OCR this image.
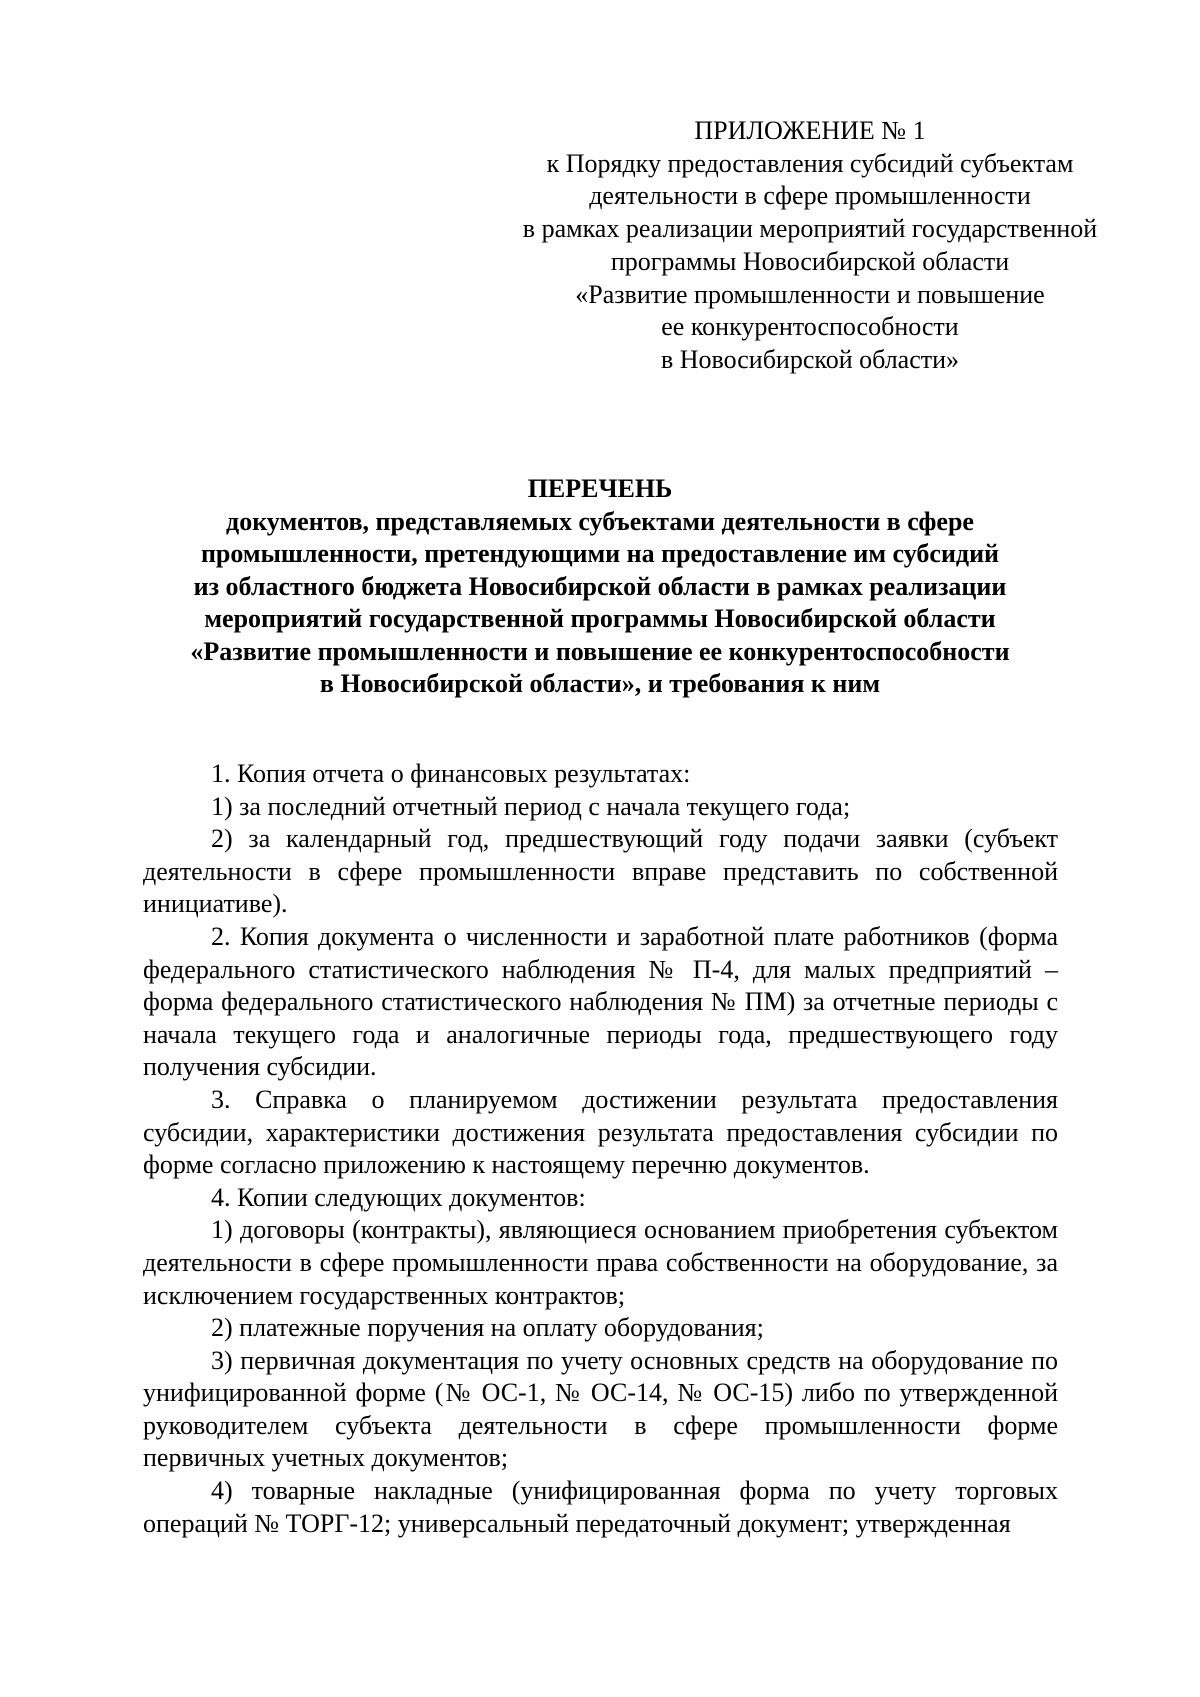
ПРИЛОЖЕНИЕ № 1
к Порядку предоставления субсидий субъектам
деятельности в сфере промышленности
в рамках реализации мероприятий государственной
программы Новосибирской области
«Развитие промышленности и повышение
ее конкурентоспособности
в Новосибирской области»
ПЕРЕЧЕНЬ
документов, представляемых субъектами деятельности в сфере
промышленности, претендующими на предоставление им субсидий
из областного бюджета Новосибирской области в рамках реализации
мероприятий государственной программы Новосибирской области
«Развитие промышленности и повышение ее конкурентоспособности
в Новосибирской области», и требования к ним

1. Копия отчета о финансовых результатах:

1) за последний отчетный период с начала текущего года;

2) за календарный год, предшествующий году подачи заявки (субъект деятельности в сфере промышленности вправе представить по собственной инициативе).

2. Копия документа о численности и заработной плате работников (форма федерального статистического наблюдения № П-4, для малых предприятий – форма федерального статистического наблюдения № ПМ) за отчетные периоды с начала текущего года и аналогичные периоды года, предшествующего году получения субсидии.

3. Справка о планируемом достижении результата предоставления субсидии, характеристики достижения результата предоставления субсидии по форме согласно приложению к настоящему перечню документов.

4. Копии следующих документов:

1) договоры (контракты), являющиеся основанием приобретения субъектом деятельности в сфере промышленности права собственности на оборудование, за исключением государственных контрактов;

2) платежные поручения на оплату оборудования;

3) первичная документация по учету основных средств на оборудование по унифицированной форме (№ ОС-1, № ОС-14, № ОС-15) либо по утвержденной руководителем субъекта деятельности в сфере промышленности форме первичных учетных документов;

4) товарные накладные (унифицированная форма по учету торговых операций № ТОРГ-12; универсальный передаточный документ; утвержденная
